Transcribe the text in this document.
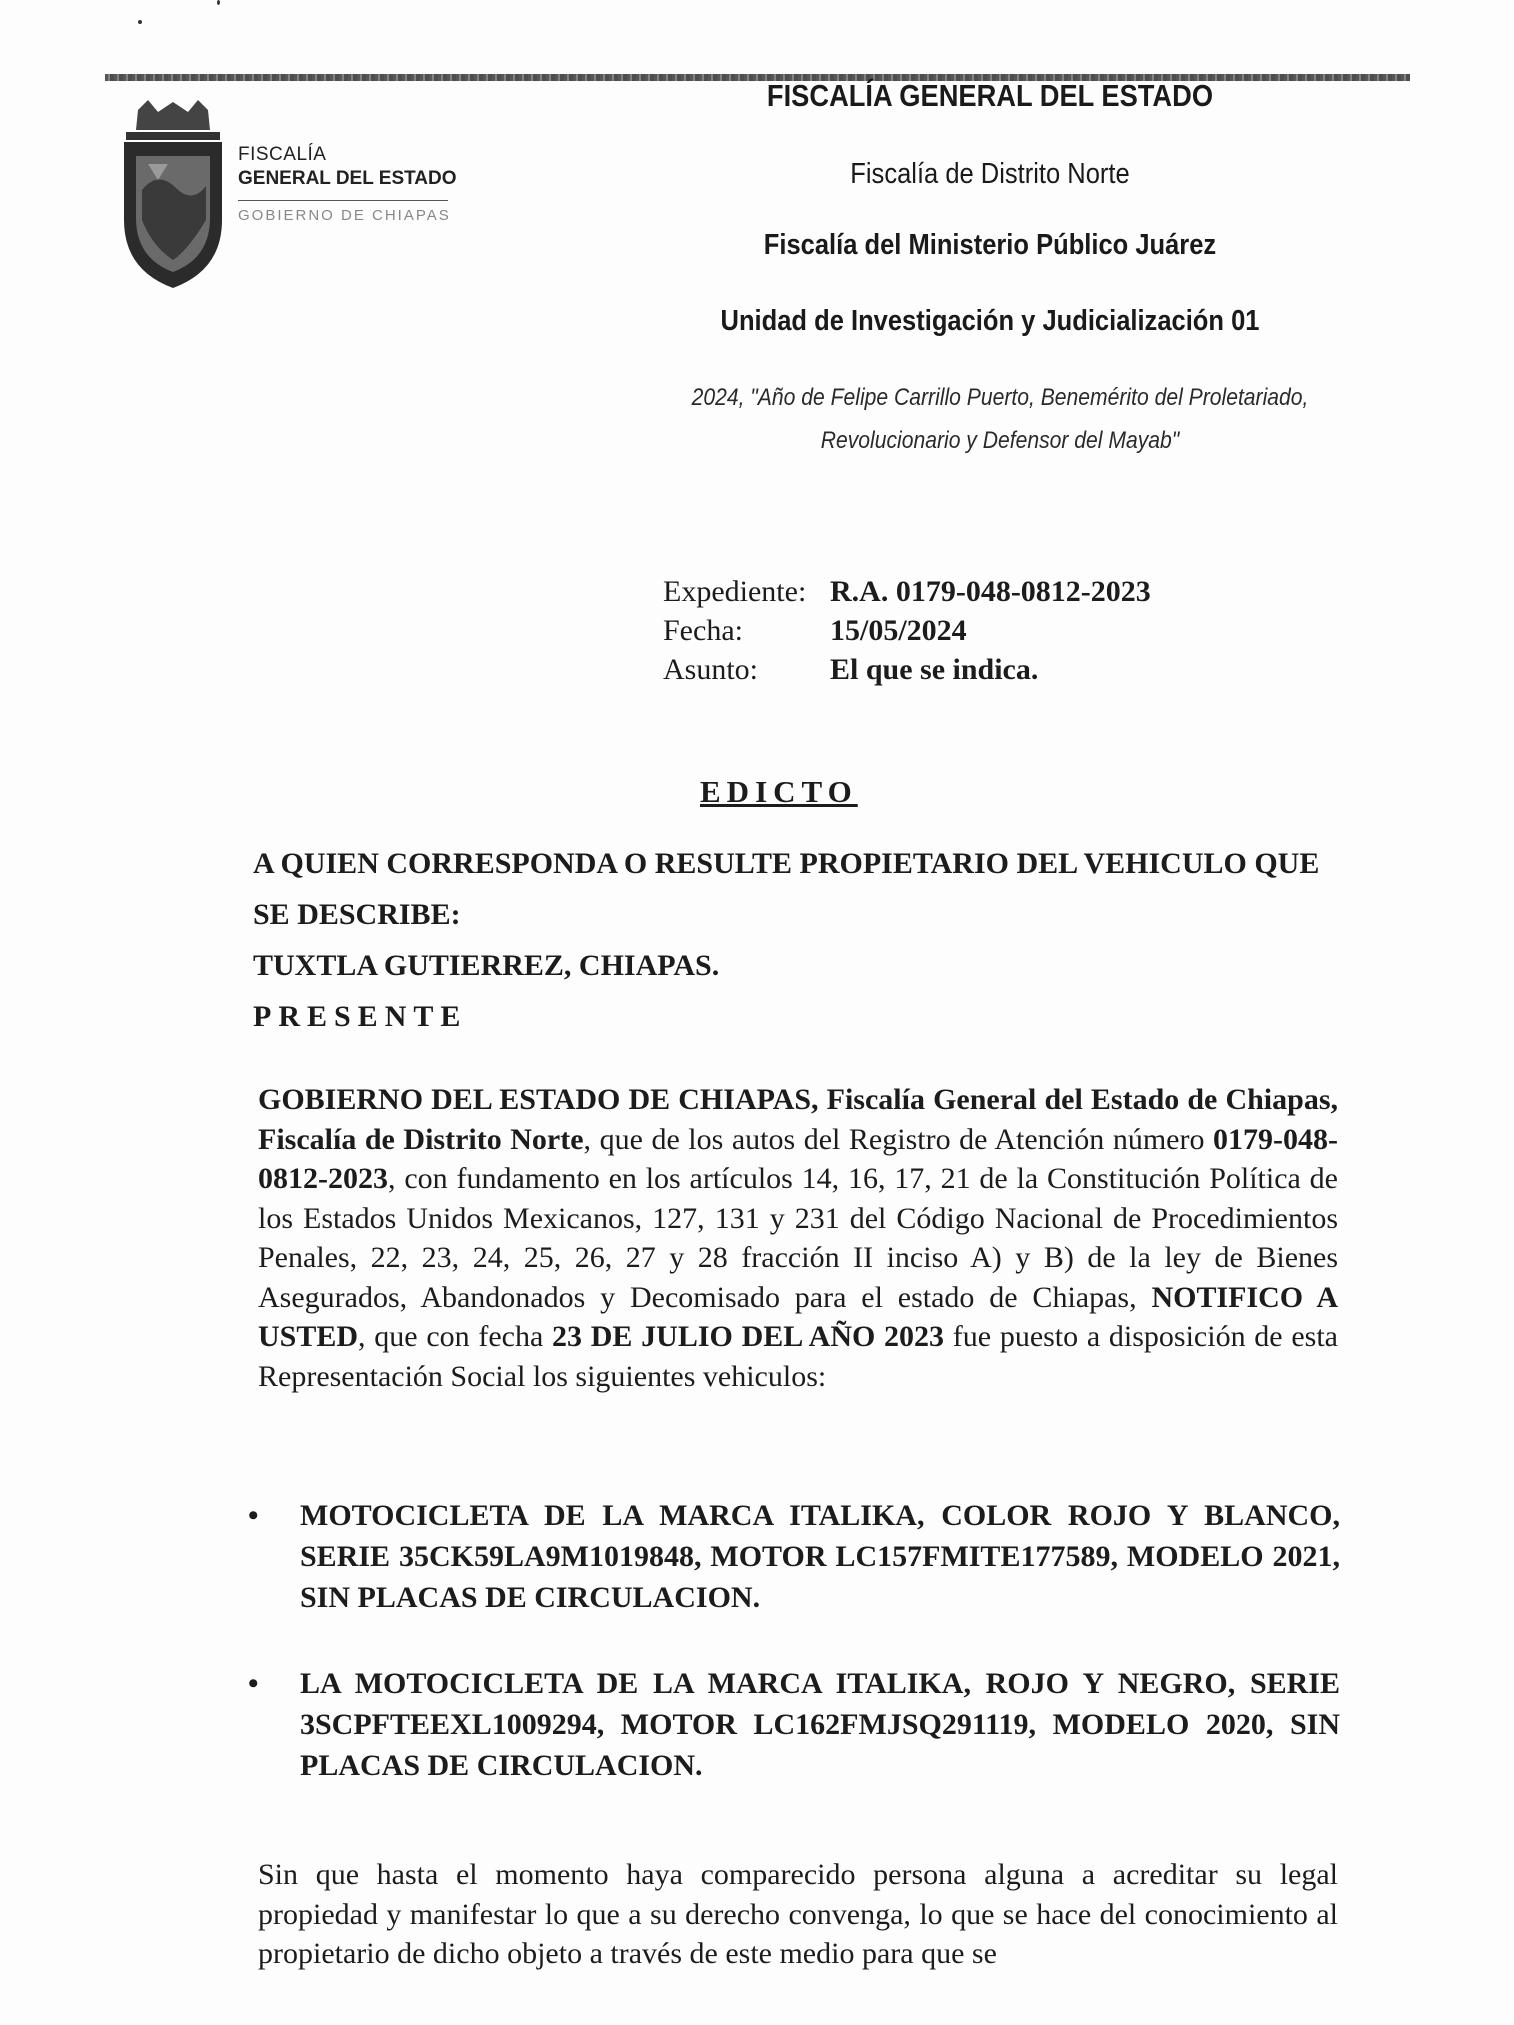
FISCALÍA
GENERAL DEL ESTADO
GOBIERNO DE CHIAPAS
FISCALÍA GENERAL DEL ESTADO
Fiscalía de Distrito Norte
Fiscalía del Ministerio Público Juárez
Unidad de Investigación y Judicialización 01
2024, "Año de Felipe Carrillo Puerto, Benemérito del Proletariado,
Revolucionario y Defensor del Mayab"
Expediente: R.A. 0179-048-0812-2023
Fecha:	15/05/2024
Asunto:	El que se indica.
EDICTO
A QUIEN CORRESPONDA O RESULTE PROPIETARIO DEL VEHICULO QUE
SE DESCRIBE:
TUXTLA GUTIERREZ, CHIAPAS.
PRESENTE
GOBIERNO DEL ESTADO DE CHIAPAS, Fiscalía General del Estado de Chiapas, Fiscalía de Distrito Norte, que de los autos del Registro de Atención número 0179-048-0812-2023, con fundamento en los artículos 14, 16, 17, 21 de la Constitución Política de los Estados Unidos Mexicanos, 127, 131 y 231 del Código Nacional de Procedimientos Penales, 22, 23, 24, 25, 26, 27 y 28 fracción II inciso A) y B) de la ley de Bienes Asegurados, Abandonados y Decomisado para el estado de Chiapas, NOTIFICO A USTED, que con fecha 23 DE JULIO DEL AÑO 2023 fue puesto a disposición de esta Representación Social los siguientes vehiculos:
• MOTOCICLETA DE LA MARCA ITALIKA, COLOR ROJO Y BLANCO, SERIE 35CK59LA9M1019848, MOTOR LC157FMITE177589, MODELO 2021, SIN PLACAS DE CIRCULACION.
• LA MOTOCICLETA DE LA MARCA ITALIKA, ROJO Y NEGRO, SERIE 3SCPFTEEXL1009294, MOTOR LC162FMJSQ291119, MODELO 2020, SIN PLACAS DE CIRCULACION.
Sin que hasta el momento haya comparecido persona alguna a acreditar su legal propiedad y manifestar lo que a su derecho convenga, lo que se hace del conocimiento al propietario de dicho objeto a través de este medio para que se
